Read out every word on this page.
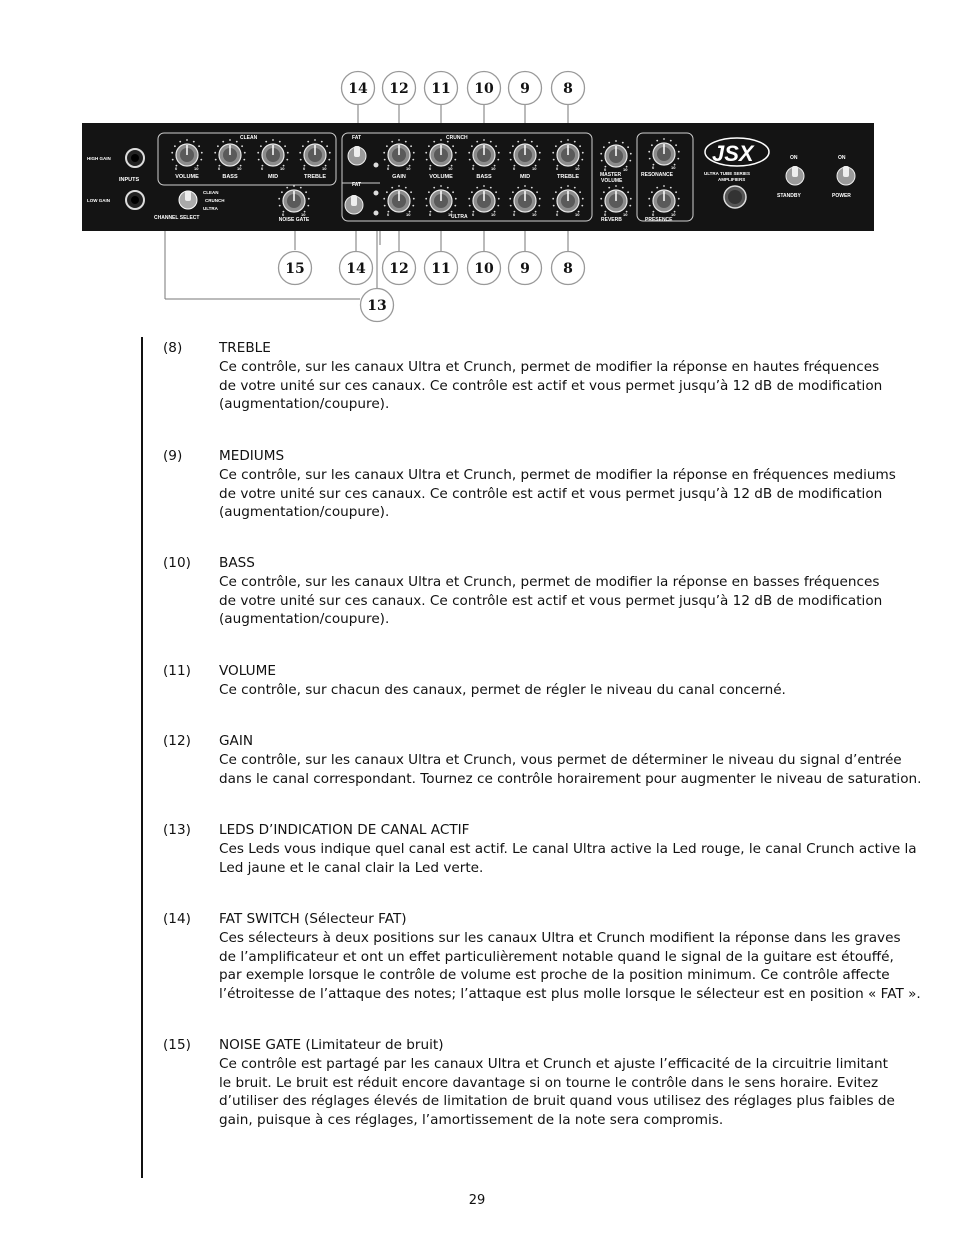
HIGH GAIN
LOW GAIN
INPUTS
CLEAN
CRUNCH
ULTRA
CHANNEL SELECT
CLEAN	CRUNCH
ULTRA
FAT
FAT
0	10
VOLUME
0	10
BASS
0	10
MID
0	10
TREBLE
0	10
GAIN
0	10
VOLUME
0	10
BASS
0	10
MID
0	10
TREBLE
0	10	0	10	0	10	0	10	0	10
0	10
0	10
0	10
0	10
0	10
NOISE GATE
MASTER
VOLUME
REVERB
RESONANCE
PRESENCE
JSX
ULTRA TUBE SERIES
AMPLIFIERS
ON
STANDBY
ON
POWER
14 12 11 10 9 8
15	14 12 11 10 9 8
13
(8)	TREBLE
Ce contrôle, sur les canaux Ultra et Crunch, permet de modifier la réponse en hautes fréquences
de votre unité sur ces canaux. Ce contrôle est actif et vous permet jusqu’à 12 dB de modification
(augmentation/coupure).
(9)	MEDIUMS
Ce contrôle, sur les canaux Ultra et Crunch, permet de modifier la réponse en fréquences mediums
de votre unité sur ces canaux. Ce contrôle est actif et vous permet jusqu’à 12 dB de modification
(augmentation/coupure).
(10) BASS
Ce contrôle, sur les canaux Ultra et Crunch, permet de modifier la réponse en basses fréquences
de votre unité sur ces canaux. Ce contrôle est actif et vous permet jusqu’à 12 dB de modification
(augmentation/coupure).
(11) VOLUME
Ce contrôle, sur chacun des canaux, permet de régler le niveau du canal concerné.
(12) GAIN
Ce contrôle, sur les canaux Ultra et Crunch, vous permet de déterminer le niveau du signal d’entrée
dans le canal correspondant. Tournez ce contrôle horairement pour augmenter le niveau de saturation.
(13) LEDS D’INDICATION DE CANAL ACTIF
Ces Leds vous indique quel canal est actif. Le canal Ultra active la Led rouge, le canal Crunch active la
Led jaune et le canal clair la Led verte.
(14) FAT SWITCH (Sélecteur FAT)
Ces sélecteurs à deux positions sur les canaux Ultra et Crunch modifient la réponse dans les graves
de l’amplificateur et ont un effet particulièrement notable quand le signal de la guitare est étouffé,
par exemple lorsque le contrôle de volume est proche de la position minimum. Ce contrôle affecte
l’étroitesse de l’attaque des notes; l’attaque est plus molle lorsque le sélecteur est en position « FAT ».
(15) NOISE GATE (Limitateur de bruit)
Ce contrôle est partagé par les canaux Ultra et Crunch et ajuste l’efficacité de la circuitrie limitant
le bruit. Le bruit est réduit encore davantage si on tourne le contrôle dans le sens horaire. Evitez
d’utiliser des réglages élevés de limitation de bruit quand vous utilisez des réglages plus faibles de
gain, puisque à ces réglages, l’amortissement de la note sera compromis.
29
